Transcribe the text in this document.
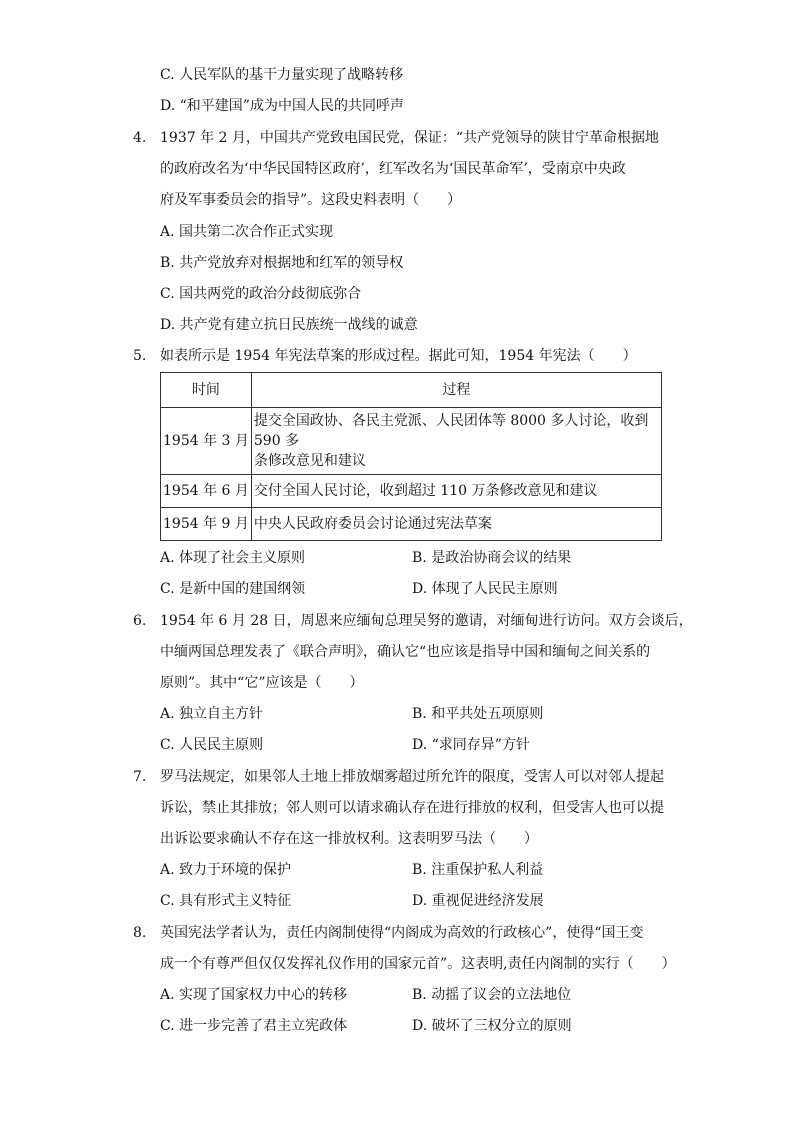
C. 人民军队的基干力量实现了战略转移
D. “和平建国”成为中国人民的共同呼声
4. 1937 年 2 月，中国共产党致电国民党，保证：“共产党领导的陕甘宁革命根据地
的政府改名为‘中华民国特区政府’，红军改名为‘国民革命军’，受南京中央政
府及军事委员会的指导”。这段史料表明（　　）
A. 国共第二次合作正式实现
B. 共产党放弃对根据地和红军的领导权
C. 国共两党的政治分歧彻底弥合
D. 共产党有建立抗日民族统一战线的诚意
5. 如表所示是 1954 年宪法草案的形成过程。据此可知，1954 年宪法（　　）
时间	过程
1954 年 3 月	提交全国政协、各民主党派、人民团体等 8000 多人讨论，收到 590 多
条修改意见和建议

1954 年 6 月	交付全国人民讨论，收到超过 110 万条修改意见和建议
1954 年 9 月	中央人民政府委员会讨论通过宪法草案
A. 体现了社会主义原则	B. 是政治协商会议的结果
C. 是新中国的建国纲领	D. 体现了人民民主原则
6. 1954 年 6 月 28 日，周恩来应缅甸总理吴努的邀请，对缅甸进行访问。双方会谈后，
中缅两国总理发表了《联合声明》，确认它“也应该是指导中国和缅甸之间关系的
原则”。其中“它”应该是（　　）
A. 独立自主方针	B. 和平共处五项原则
C. 人民民主原则	D. “求同存异”方针
7. 罗马法规定，如果邻人土地上排放烟雾超过所允许的限度，受害人可以对邻人提起
诉讼，禁止其排放；邻人则可以请求确认存在进行排放的权利，但受害人也可以提
出诉讼要求确认不存在这一排放权利。这表明罗马法（　　）
A. 致力于环境的保护	B. 注重保护私人利益
C. 具有形式主义特征	D. 重视促进经济发展
8. 英国宪法学者认为，责任内阁制使得“内阁成为高效的行政核心”，使得“国王变
成一个有尊严但仅仅发挥礼仪作用的国家元首”。这表明,责任内阁制的实行（　　）
A. 实现了国家权力中心的转移	B. 动摇了议会的立法地位
C. 进一步完善了君主立宪政体	D. 破坏了三权分立的原则
